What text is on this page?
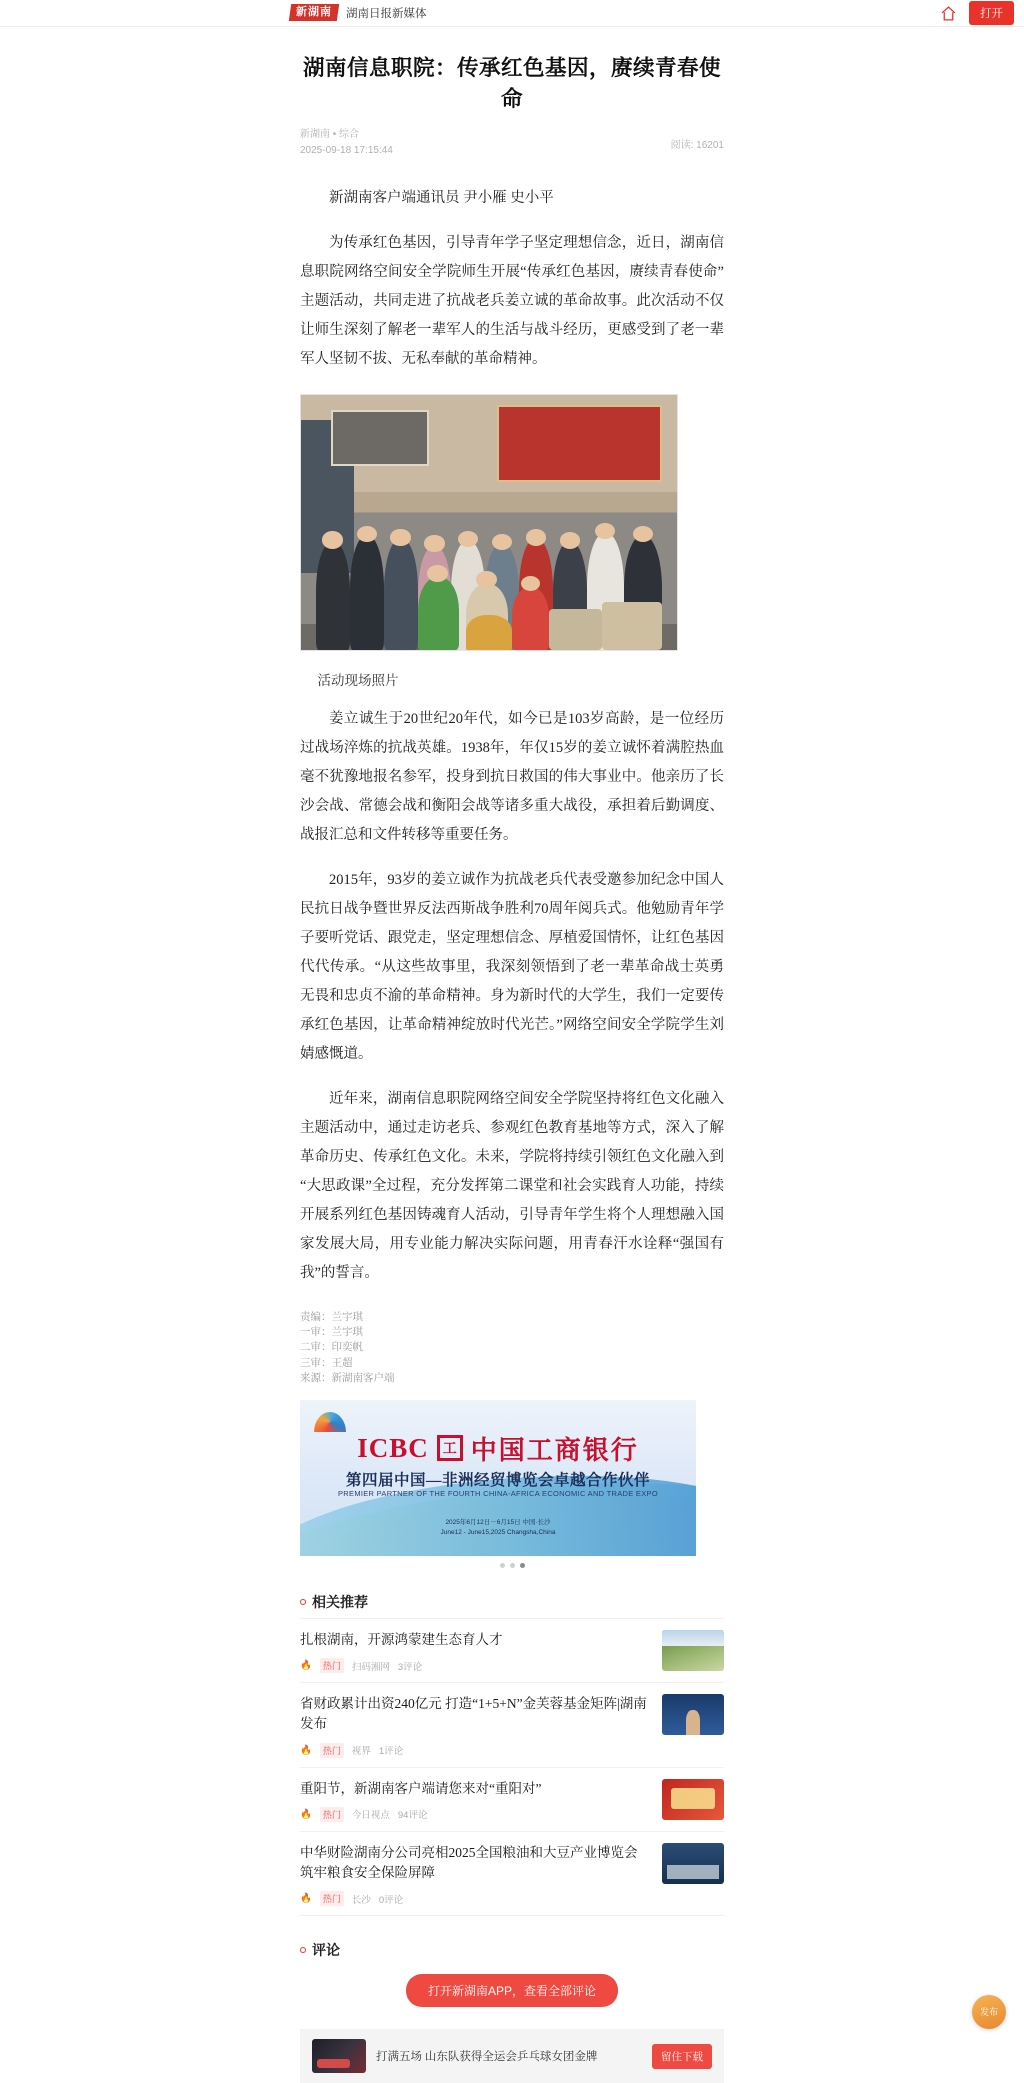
新湖南	湖南日报新媒体	打开
湖南信息职院：传承红色基因，赓续青春使命
新湖南 • 综合
2025-09-18 17:15:44	阅读: 16201

新湖南客户端通讯员 尹小雁 史小平

为传承红色基因，引导青年学子坚定理想信念，近日，湖南信息职院网络空间安全学院师生开展“传承红色基因，赓续青春使命”主题活动，共同走进了抗战老兵姜立诚的革命故事。此次活动不仅让师生深刻了解老一辈军人的生活与战斗经历，更感受到了老一辈军人坚韧不拔、无私奉献的革命精神。

活动现场照片

姜立诚生于20世纪20年代，如今已是103岁高龄，是一位经历过战场淬炼的抗战英雄。1938年，年仅15岁的姜立诚怀着满腔热血毫不犹豫地报名参军，投身到抗日救国的伟大事业中。他亲历了长沙会战、常德会战和衡阳会战等诸多重大战役，承担着后勤调度、战报汇总和文件转移等重要任务。

2015年，93岁的姜立诚作为抗战老兵代表受邀参加纪念中国人民抗日战争暨世界反法西斯战争胜利70周年阅兵式。他勉励青年学子要听党话、跟党走，坚定理想信念、厚植爱国情怀，让红色基因代代传承。“从这些故事里，我深刻领悟到了老一辈革命战士英勇无畏和忠贞不渝的革命精神。身为新时代的大学生，我们一定要传承红色基因，让革命精神绽放时代光芒。”网络空间安全学院学生刘婧感慨道。

近年来，湖南信息职院网络空间安全学院坚持将红色文化融入主题活动中，通过走访老兵、参观红色教育基地等方式，深入了解革命历史、传承红色文化。未来，学院将持续引领红色文化融入到“大思政课”全过程，充分发挥第二课堂和社会实践育人功能，持续开展系列红色基因铸魂育人活动，引导青年学生将个人理想融入国家发展大局，用专业能力解决实际问题，用青春汗水诠释“强国有我”的誓言。

责编：兰宇琪
一审：兰宇琪
二审：印奕帆
三审：王超
来源：新湖南客户端
ICBC	工 中国工商银行
第四届中国—非洲经贸博览会卓越合作伙伴
PREMIER PARTNER OF THE FOURTH CHINA-AFRICA ECONOMIC AND TRADE EXPO
2025年6月12日－6月15日 中国·长沙
June12 - June15,2025 Changsha,China
相关推荐
扎根湖南，开源鸿蒙建生态育人才
🔥	热门	扫码湘网 3评论
省财政累计出资240亿元 打造“1+5+N”金芙蓉基金矩阵|湖南发布
🔥	热门	视界 1评论
重阳节，新湖南客户端请您来对“重阳对”
🔥	热门	今日视点 94评论
中华财险湖南分公司亮相2025全国粮油和大豆产业博览会 筑牢粮食安全保险屏障
🔥	热门	长沙 0评论
评论
打开新湖南APP，查看全部评论
打满五场 山东队获得全运会乒乓球女团金牌	留住下载
发布
